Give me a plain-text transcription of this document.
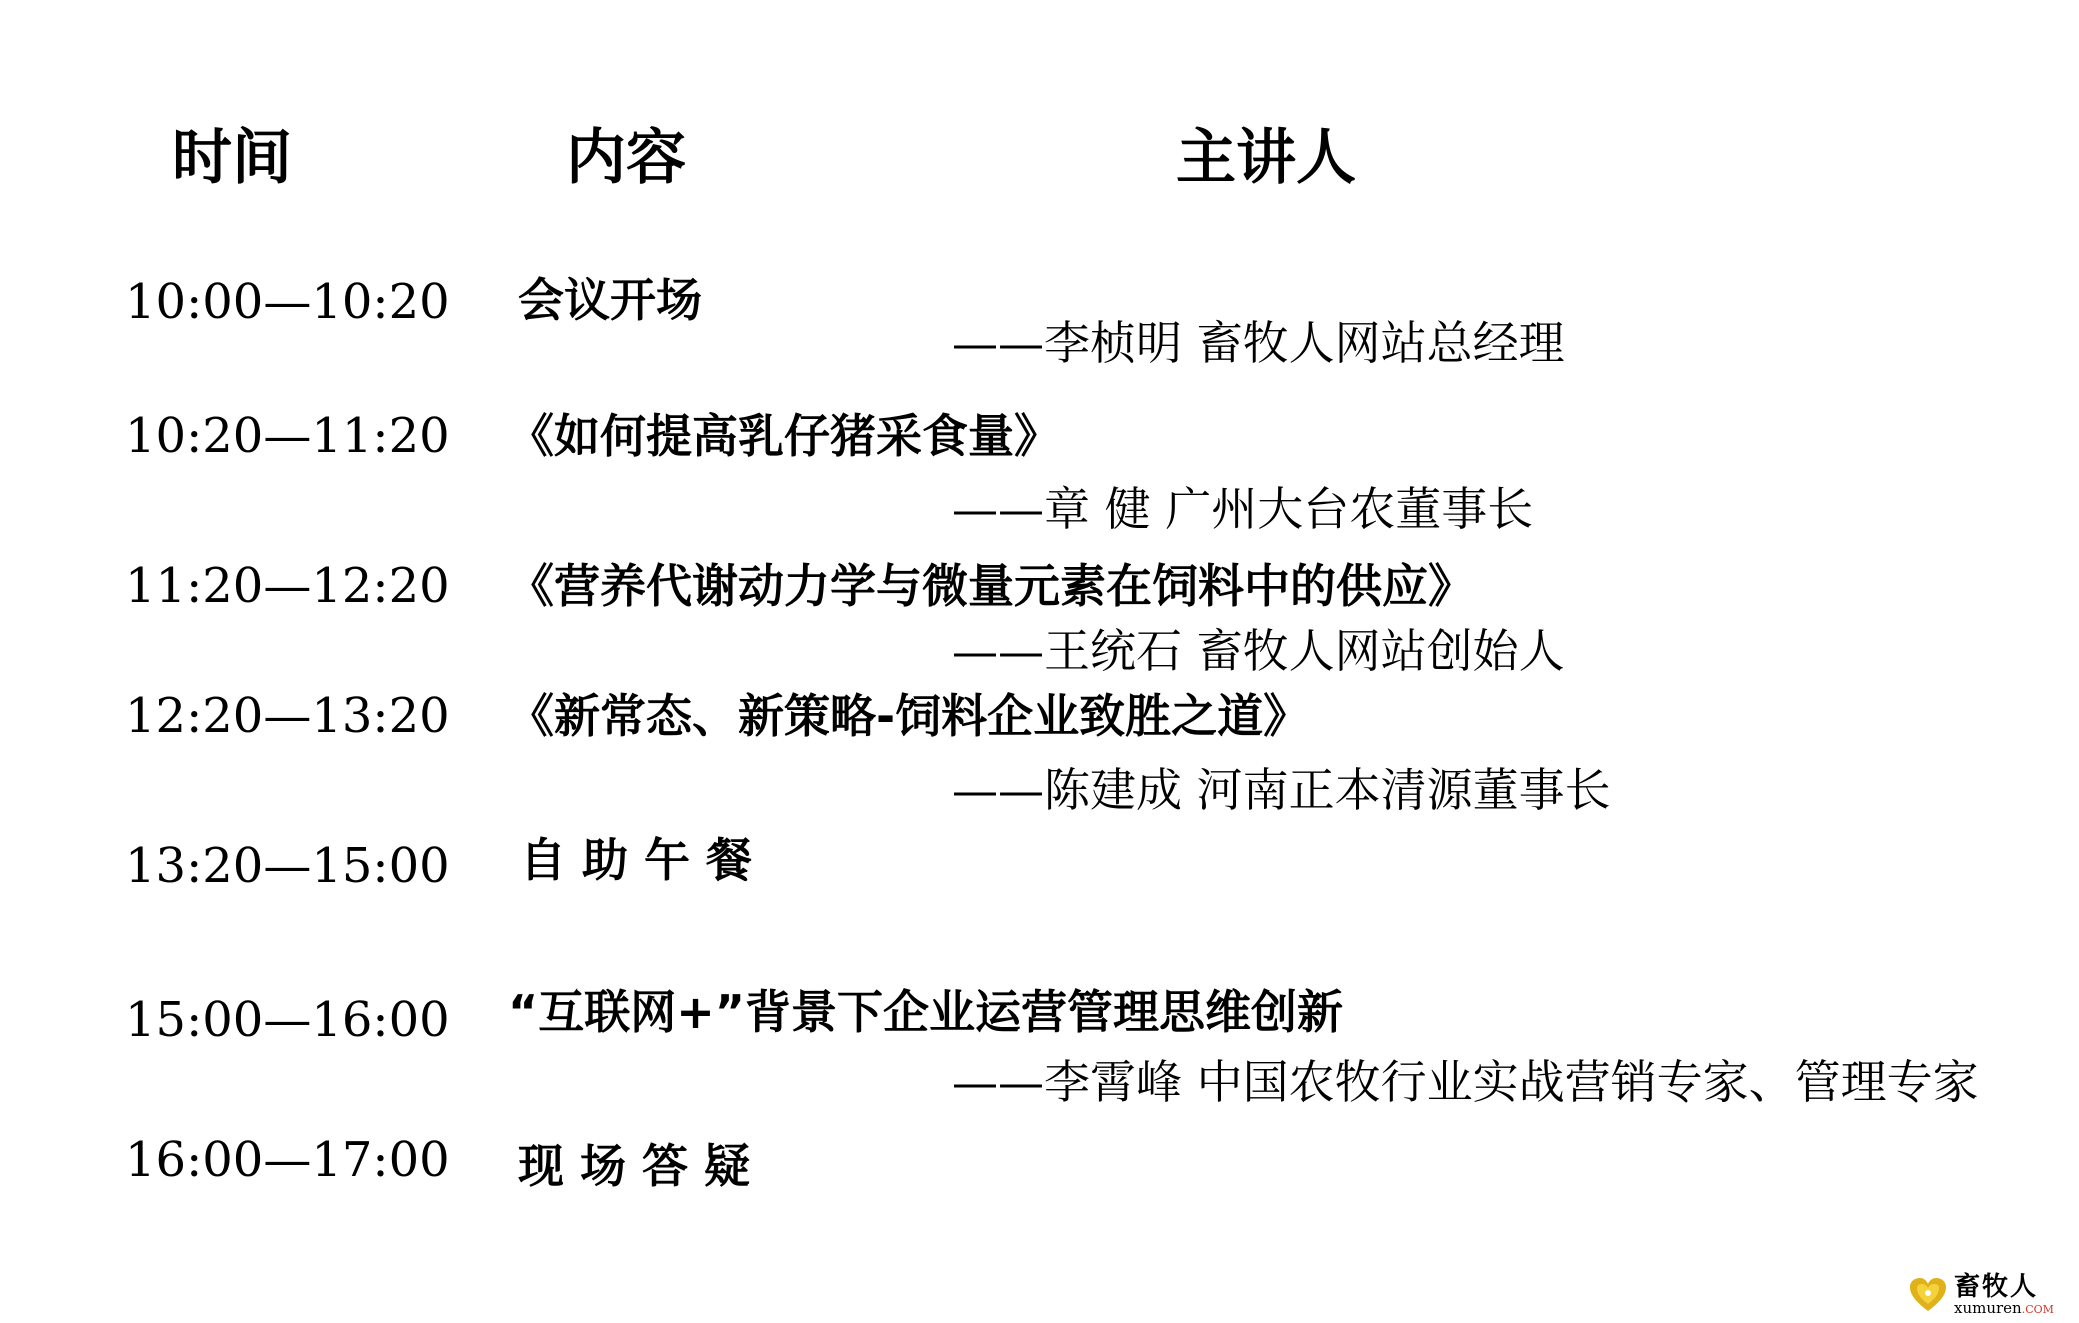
时间	内容	主讲人
10:00—10:20 会议开场
——李桢明 畜牧人网站总经理
10:20—11:20 《如何提高乳仔猪采食量》
——章 健 广州大台农董事长
11:20—12:20 《营养代谢动力学与微量元素在饲料中的供应》
——王统石 畜牧人网站创始人
12:20—13:20 《新常态、新策略-饲料企业致胜之道》
——陈建成 河南正本清源董事长
13:20—15:00 自助午餐
15:00—16:00 “互联网+”背景下企业运营管理思维创新
——李霄峰 中国农牧行业实战营销专家、管理专家
16:00—17:00 现场答疑
畜牧人
xumuren.COM
